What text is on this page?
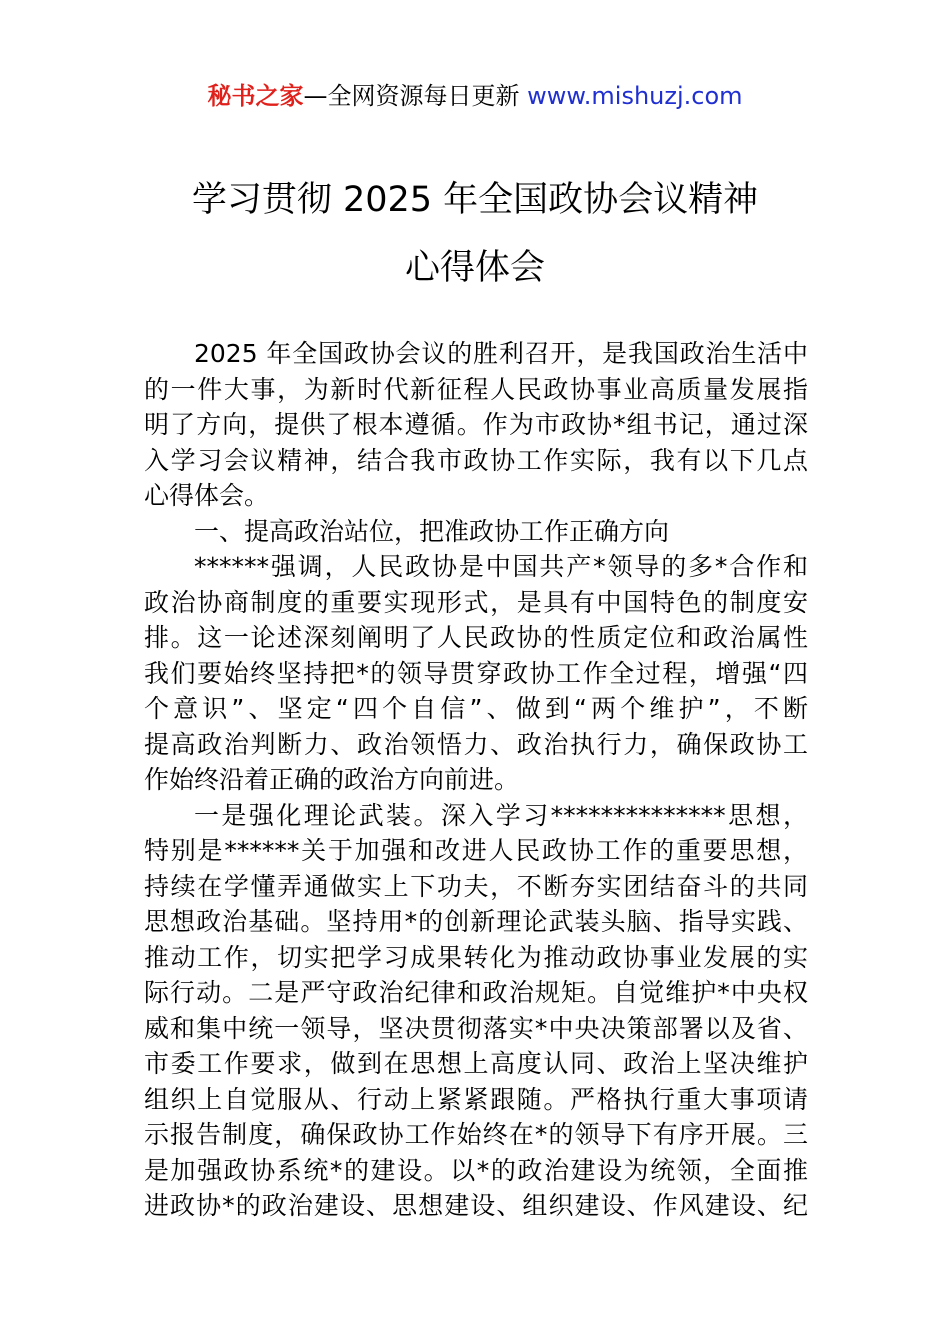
秘书之家—全网资源每日更新 www.mishuzj.com
学习贯彻 2025 年全国政协会议精神
心得体会
2025 年全国政协会议的胜利召开，是我国政治生活中
的一件大事，为新时代新征程人民政协事业高质量发展指
明了方向，提供了根本遵循。作为市政协*组书记，通过深
入学习会议精神，结合我市政协工作实际，我有以下几点
心得体会。
一、提高政治站位，把准政协工作正确方向
******强调，人民政协是中国共产*领导的多*合作和
政治协商制度的重要实现形式，是具有中国特色的制度安
排。这一论述深刻阐明了人民政协的性质定位和政治属性
我们要始终坚持把*的领导贯穿政协工作全过程，增强“四
个意识”、坚定“四个自信”、做到“两个维护”，不断
提高政治判断力、政治领悟力、政治执行力，确保政协工
作始终沿着正确的政治方向前进。
一是强化理论武装。深入学习**************思想，
特别是******关于加强和改进人民政协工作的重要思想，
持续在学懂弄通做实上下功夫，不断夯实团结奋斗的共同
思想政治基础。坚持用*的创新理论武装头脑、指导实践、
推动工作，切实把学习成果转化为推动政协事业发展的实
际行动。二是严守政治纪律和政治规矩。自觉维护*中央权
威和集中统一领导，坚决贯彻落实*中央决策部署以及省、
市委工作要求，做到在思想上高度认同、政治上坚决维护
组织上自觉服从、行动上紧紧跟随。严格执行重大事项请
示报告制度，确保政协工作始终在*的领导下有序开展。三
是加强政协系统*的建设。以*的政治建设为统领，全面推
进政协*的政治建设、思想建设、组织建设、作风建设、纪
